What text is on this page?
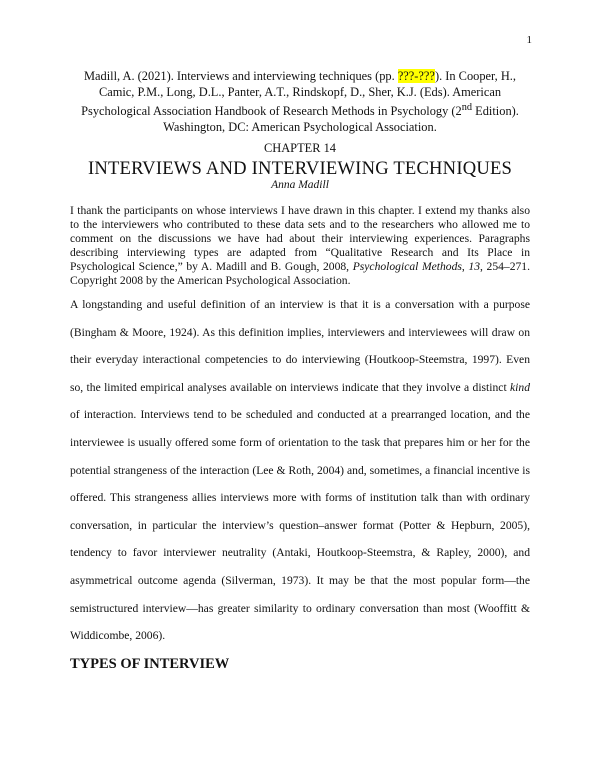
1
Madill, A. (2021). Interviews and interviewing techniques (pp. ???-???). In Cooper, H., Camic, P.M., Long, D.L., Panter, A.T., Rindskopf, D., Sher, K.J. (Eds). American Psychological Association Handbook of Research Methods in Psychology (2nd Edition). Washington, DC: American Psychological Association.
CHAPTER 14
INTERVIEWS AND INTERVIEWING TECHNIQUES
Anna Madill
I thank the participants on whose interviews I have drawn in this chapter. I extend my thanks also to the interviewers who contributed to these data sets and to the researchers who allowed me to comment on the discussions we have had about their interviewing experiences. Paragraphs describing interviewing types are adapted from “Qualitative Research and Its Place in Psychological Science,” by A. Madill and B. Gough, 2008, Psychological Methods, 13, 254–271. Copyright 2008 by the American Psychological Association.

A longstanding and useful definition of an interview is that it is a conversation with a purpose (Bingham & Moore, 1924). As this definition implies, interviewers and interviewees will draw on their everyday interactional competencies to do interviewing (Houtkoop-Steemstra, 1997). Even so, the limited empirical analyses available on interviews indicate that they involve a distinct kind of interaction. Interviews tend to be scheduled and conducted at a prearranged location, and the interviewee is usually offered some form of orientation to the task that prepares him or her for the potential strangeness of the interaction (Lee & Roth, 2004) and, sometimes, a financial incentive is offered. This strangeness allies interviews more with forms of institution talk than with ordinary conversation, in particular the interview’s question–answer format (Potter & Hepburn, 2005), tendency to favor interviewer neutrality (Antaki, Houtkoop-Steemstra, & Rapley, 2000), and asymmetrical outcome agenda (Silverman, 1973). It may be that the most popular form—the semistructured interview—has greater similarity to ordinary conversation than most (Wooffitt & Widdicombe, 2006).

TYPES OF INTERVIEW
